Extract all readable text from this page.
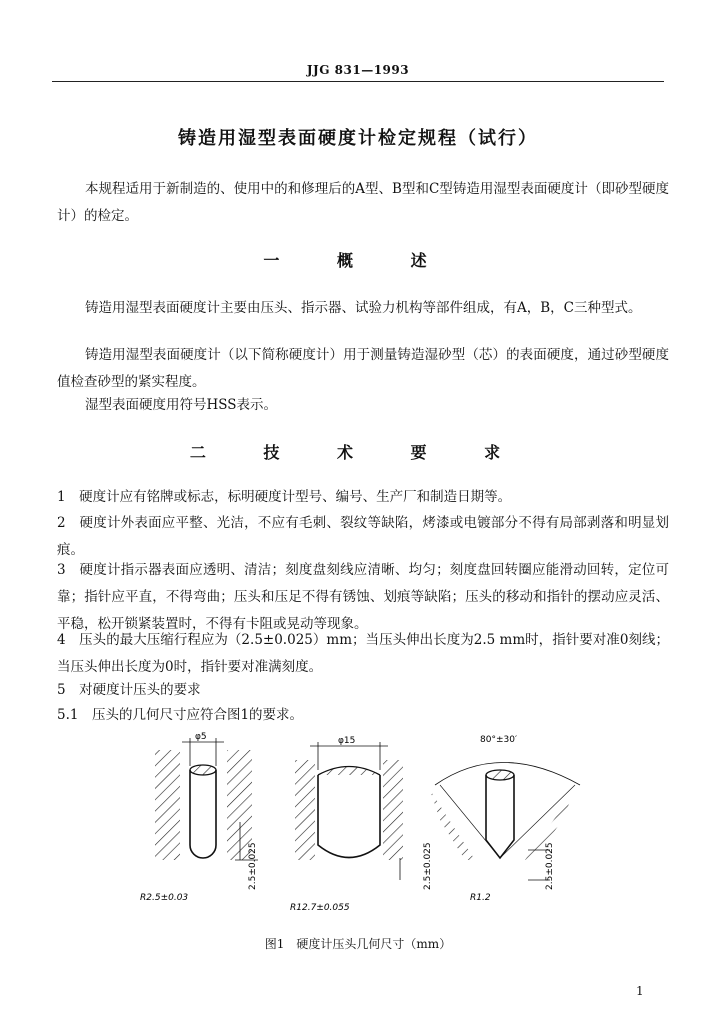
JJG 831—1993
铸造用湿型表面硬度计检定规程（试行）
本规程适用于新制造的、使用中的和修理后的A型、B型和C型铸造用湿型表面硬度计（即砂型硬度计）的检定。
一 概 述
铸造用湿型表面硬度计主要由压头、指示器、试验力机构等部件组成，有A，B，C三种型式。
铸造用湿型表面硬度计（以下简称硬度计）用于测量铸造湿砂型（芯）的表面硬度，通过砂型硬度值检查砂型的紧实程度。
湿型表面硬度用符号HSS表示。
二 技 术 要 求
1　硬度计应有铭牌或标志，标明硬度计型号、编号、生产厂和制造日期等。
2　硬度计外表面应平整、光洁，不应有毛刺、裂纹等缺陷，烤漆或电镀部分不得有局部剥落和明显划痕。
3　硬度计指示器表面应透明、清洁；刻度盘刻线应清晰、均匀；刻度盘回转圈应能滑动回转，定位可靠；指针应平直，不得弯曲；压头和压足不得有锈蚀、划痕等缺陷；压头的移动和指针的摆动应灵活、平稳，松开锁紧装置时，不得有卡阻或晃动等现象。
4　压头的最大压缩行程应为（2.5±0.025）mm；当压头伸出长度为2.5 mm时，指针要对准0刻线；当压头伸出长度为0时，指针要对准满刻度。
5　对硬度计压头的要求
5.1　压头的几何尺寸应符合图1的要求。
φ5
2.5±0.025
R2.5±0.03
φ15
2.5±0.025
R12.7±0.055
80°±30′
2.5±0.025
R1.2
图1　硬度计压头几何尺寸（mm）
1
